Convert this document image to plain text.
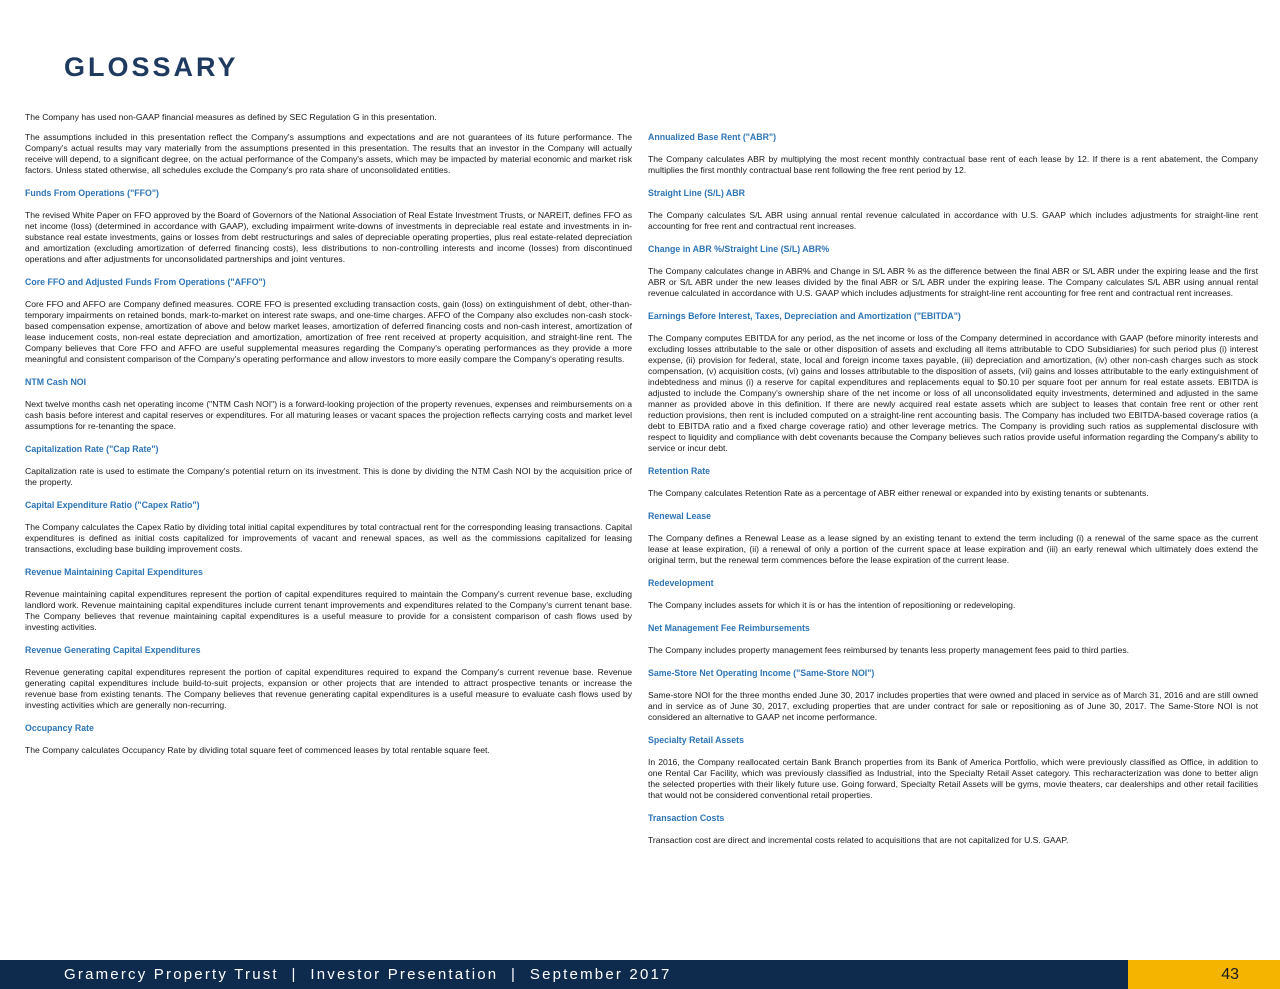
GLOSSARY

The Company has used non-GAAP financial measures as defined by SEC Regulation G in this presentation.

The assumptions included in this presentation reflect the Company's assumptions and expectations and are not guarantees of its future performance. The Company's actual results may vary materially from the assumptions presented in this presentation. The results that an investor in the Company will actually receive will depend, to a significant degree, on the actual performance of the Company's assets, which may be impacted by material economic and market risk factors. Unless stated otherwise, all schedules exclude the Company's pro rata share of unconsolidated entities.

Funds From Operations ("FFO")

The revised White Paper on FFO approved by the Board of Governors of the National Association of Real Estate Investment Trusts, or NAREIT, defines FFO as net income (loss) (determined in accordance with GAAP), excluding impairment write-downs of investments in depreciable real estate and investments in in-substance real estate investments, gains or losses from debt restructurings and sales of depreciable operating properties, plus real estate-related depreciation and amortization (excluding amortization of deferred financing costs), less distributions to non-controlling interests and income (losses) from discontinued operations and after adjustments for unconsolidated partnerships and joint ventures.

Core FFO and Adjusted Funds From Operations ("AFFO")

Core FFO and AFFO are Company defined measures. CORE FFO is presented excluding transaction costs, gain (loss) on extinguishment of debt, other-than-temporary impairments on retained bonds, mark-to-market on interest rate swaps, and one-time charges. AFFO of the Company also excludes non-cash stock-based compensation expense, amortization of above and below market leases, amortization of deferred financing costs and non-cash interest, amortization of lease inducement costs, non-real estate depreciation and amortization, amortization of free rent received at property acquisition, and straight-line rent. The Company believes that Core FFO and AFFO are useful supplemental measures regarding the Company's operating performances as they provide a more meaningful and consistent comparison of the Company's operating performance and allow investors to more easily compare the Company's operating results.

NTM Cash NOI

Next twelve months cash net operating income ("NTM Cash NOI") is a forward-looking projection of the property revenues, expenses and reimbursements on a cash basis before interest and capital reserves or expenditures. For all maturing leases or vacant spaces the projection reflects carrying costs and market level assumptions for re-tenanting the space.

Capitalization Rate ("Cap Rate")

Capitalization rate is used to estimate the Company's potential return on its investment. This is done by dividing the NTM Cash NOI by the acquisition price of the property.

Capital Expenditure Ratio ("Capex Ratio")

The Company calculates the Capex Ratio by dividing total initial capital expenditures by total contractual rent for the corresponding leasing transactions. Capital expenditures is defined as initial costs capitalized for improvements of vacant and renewal spaces, as well as the commissions capitalized for leasing transactions, excluding base building improvement costs.

Revenue Maintaining Capital Expenditures

Revenue maintaining capital expenditures represent the portion of capital expenditures required to maintain the Company's current revenue base, excluding landlord work. Revenue maintaining capital expenditures include current tenant improvements and expenditures related to the Company's current tenant base. The Company believes that revenue maintaining capital expenditures is a useful measure to provide for a consistent comparison of cash flows used by investing activities.

Revenue Generating Capital Expenditures

Revenue generating capital expenditures represent the portion of capital expenditures required to expand the Company's current revenue base. Revenue generating capital expenditures include build-to-suit projects, expansion or other projects that are intended to attract prospective tenants or increase the revenue base from existing tenants. The Company believes that revenue generating capital expenditures is a useful measure to evaluate cash flows used by investing activities which are generally non-recurring.

Occupancy Rate

The Company calculates Occupancy Rate by dividing total square feet of commenced leases by total rentable square feet.

Annualized Base Rent ("ABR")

The Company calculates ABR by multiplying the most recent monthly contractual base rent of each lease by 12. If there is a rent abatement, the Company multiplies the first monthly contractual base rent following the free rent period by 12.

Straight Line (S/L) ABR

The Company calculates S/L ABR using annual rental revenue calculated in accordance with U.S. GAAP which includes adjustments for straight-line rent accounting for free rent and contractual rent increases.

Change in ABR %/Straight Line (S/L) ABR%

The Company calculates change in ABR% and Change in S/L ABR % as the difference between the final ABR or S/L ABR under the expiring lease and the first ABR or S/L ABR under the new leases divided by the final ABR or S/L ABR under the expiring lease. The Company calculates S/L ABR using annual rental revenue calculated in accordance with U.S. GAAP which includes adjustments for straight-line rent accounting for free rent and contractual rent increases.

Earnings Before Interest, Taxes, Depreciation and Amortization ("EBITDA")

The Company computes EBITDA for any period, as the net income or loss of the Company determined in accordance with GAAP (before minority interests and excluding losses attributable to the sale or other disposition of assets and excluding all items attributable to CDO Subsidiaries) for such period plus (i) interest expense, (ii) provision for federal, state, local and foreign income taxes payable, (iii) depreciation and amortization, (iv) other non-cash charges such as stock compensation, (v) acquisition costs, (vi) gains and losses attributable to the disposition of assets, (vii) gains and losses attributable to the early extinguishment of indebtedness and minus (i) a reserve for capital expenditures and replacements equal to $0.10 per square foot per annum for real estate assets. EBITDA is adjusted to include the Company's ownership share of the net income or loss of all unconsolidated equity investments, determined and adjusted in the same manner as provided above in this definition. If there are newly acquired real estate assets which are subject to leases that contain free rent or other rent reduction provisions, then rent is included computed on a straight-line rent accounting basis. The Company has included two EBITDA-based coverage ratios (a debt to EBITDA ratio and a fixed charge coverage ratio) and other leverage metrics. The Company is providing such ratios as supplemental disclosure with respect to liquidity and compliance with debt covenants because the Company believes such ratios provide useful information regarding the Company's ability to service or incur debt.

Retention Rate

The Company calculates Retention Rate as a percentage of ABR either renewal or expanded into by existing tenants or subtenants.

Renewal Lease

The Company defines a Renewal Lease as a lease signed by an existing tenant to extend the term including (i) a renewal of the same space as the current lease at lease expiration, (ii) a renewal of only a portion of the current space at lease expiration and (iii) an early renewal which ultimately does extend the original term, but the renewal term commences before the lease expiration of the current lease.

Redevelopment

The Company includes assets for which it is or has the intention of repositioning or redeveloping.

Net Management Fee Reimbursements

The Company includes property management fees reimbursed by tenants less property management fees paid to third parties.

Same-Store Net Operating Income ("Same-Store NOI")

Same-store NOI for the three months ended June 30, 2017 includes properties that were owned and placed in service as of March 31, 2016 and are still owned and in service as of June 30, 2017, excluding properties that are under contract for sale or repositioning as of June 30, 2017. The Same-Store NOI is not considered an alternative to GAAP net income performance.

Specialty Retail Assets

In 2016, the Company reallocated certain Bank Branch properties from its Bank of America Portfolio, which were previously classified as Office, in addition to one Rental Car Facility, which was previously classified as Industrial, into the Specialty Retail Asset category. This recharacterization was done to better align the selected properties with their likely future use. Going forward, Specialty Retail Assets will be gyms, movie theaters, car dealerships and other retail facilities that would not be considered conventional retail properties.

Transaction Costs

Transaction cost are direct and incremental costs related to acquisitions that are not capitalized for U.S. GAAP.

Gramercy Property Trust  |  Investor Presentation  |  September 2017	43
